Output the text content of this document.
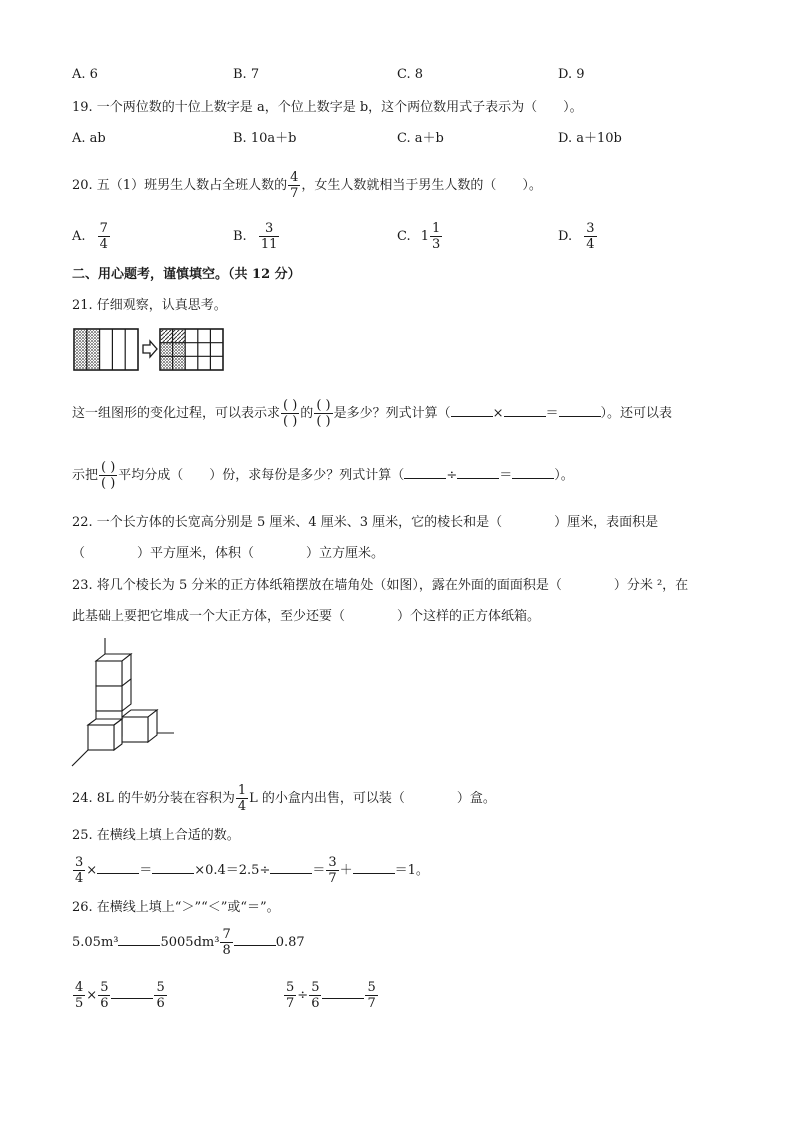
A. 6	B. 7	C. 8	D. 9
19. 一个两位数的十位上数字是 a，个位上数字是 b，这个两位数用式子表示为（　　）。
A. ab	B. 10a＋b	C. a＋b	D. a＋10b
20. 五（1）班男生人数占全班人数的 $\frac{4}{7}$ ，女生人数就相当于男生人数的（　　）。
A. $\frac{7}{4}$	B. $\frac{3}{11}$	C. $1 \frac{1}{3}$	D. $\frac{3}{4}$
二、用心题考，谨慎填空。（共 12 分）
21. 仔细观察，认真思考。
这一组图形的变化过程，可以表示求 $\frac{( )}{( )}$ 的 $\frac{( )}{( )}$ 是多少？列式计算（	×	＝	）。还可以表
示把 $\frac{( )}{( )}$ 平均分成（　　）份，求每份是多少？列式计算（	÷	＝	）。
22. 一个长方体的长宽高分别是 5 厘米、4 厘米、3 厘米，它的棱长和是（　　　　）厘米，表面积是
（　　　　）平方厘米，体积（　　　　）立方厘米。
23. 将几个棱长为 5 分米的正方体纸箱摆放在墙角处（如图），露在外面的面面积是（　　　　）分米 ²，在
此基础上要把它堆成一个大正方体，至少还要（　　　　）个这样的正方体纸箱。
24. 8L 的牛奶分装在容积为 $\frac{1}{4}$ L 的小盒内出售，可以装（　　　　）盒。
25. 在横线上填上合适的数。
$\frac{3}{4}$ ×	＝	×0.4＝2.5÷	＝ $\frac{3}{7}$ ＋	＝1。
26. 在横线上填上“＞”“＜”或“＝”。
5.05m³	$5005dm^3 \frac{7}{8}$	0.87
$\frac{4}{5} \times \frac{5}{6}$	$\frac{5}{6}$	$\frac{5}{7} \div \frac{5}{6}$	$\frac{5}{7}$
